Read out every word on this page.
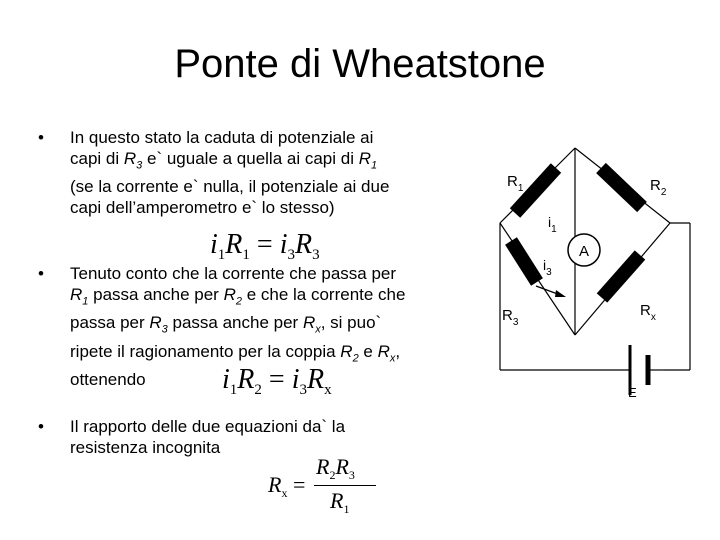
Ponte di Wheatstone
• In questo stato la caduta di potenziale ai
capi di $R_3$ e` uguale a quella ai capi di $R_1$
(se la corrente e` nulla, il potenziale ai due
capi dell’amperometro e` lo stesso)
$i_1R_1 = i_3R_3$
• Tenuto conto che la corrente che passa per
$R_1$ passa anche per $R_2$ e che la corrente che
passa per $R_3$ passa anche per $R_x$, si puo`
ripete il ragionamento per la coppia $R_2$ e $R_x$,
ottenendo	$i_1R_2 = i_3R_x$
• Il rapporto delle due equazioni da` la
resistenza incognita
$R_x$ =
$R_2R_3$
$R_1$
A
$R_1$	$R_2$
$R_3$
$R_x$
$i_1$
$i_3$
E
